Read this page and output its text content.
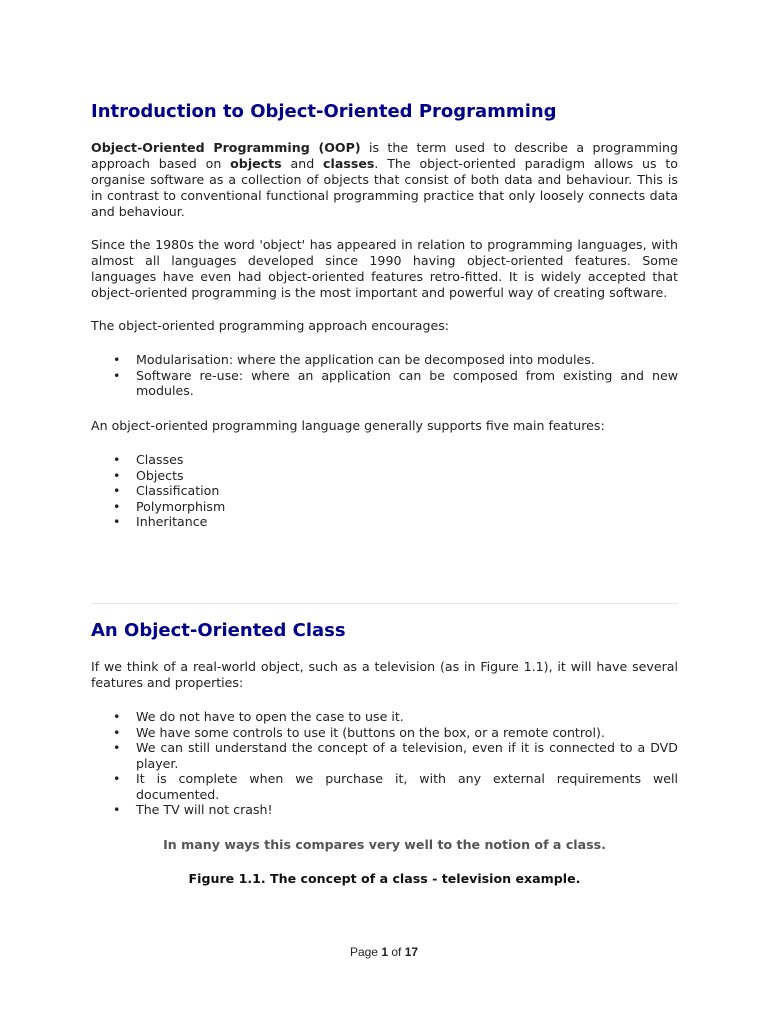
Introduction to Object-Oriented Programming

Object-Oriented Programming (OOP) is the term used to describe a programming approach based on objects and classes. The object-oriented paradigm allows us to organise software as a collection of objects that consist of both data and behaviour. This is in contrast to conventional functional programming practice that only loosely connects data and behaviour.

Since the 1980s the word 'object' has appeared in relation to programming languages, with almost all languages developed since 1990 having object-oriented features. Some languages have even had object-oriented features retro-fitted. It is widely accepted that object-oriented programming is the most important and powerful way of creating software.

The object-oriented programming approach encourages:

• Modularisation: where the application can be decomposed into modules.
• Software re-use: where an application can be composed from existing and new modules.

An object-oriented programming language generally supports five main features:

• Classes
• Objects
• Classification
• Polymorphism
• Inheritance
An Object-Oriented Class

If we think of a real-world object, such as a television (as in Figure 1.1), it will have several features and properties:

• We do not have to open the case to use it.
• We have some controls to use it (buttons on the box, or a remote control).
• We can still understand the concept of a television, even if it is connected to a DVD player.
• It is complete when we purchase it, with any external requirements well documented.
• The TV will not crash!
In many ways this compares very well to the notion of a class.
Figure 1.1. The concept of a class - television example.
Page 1 of 17
